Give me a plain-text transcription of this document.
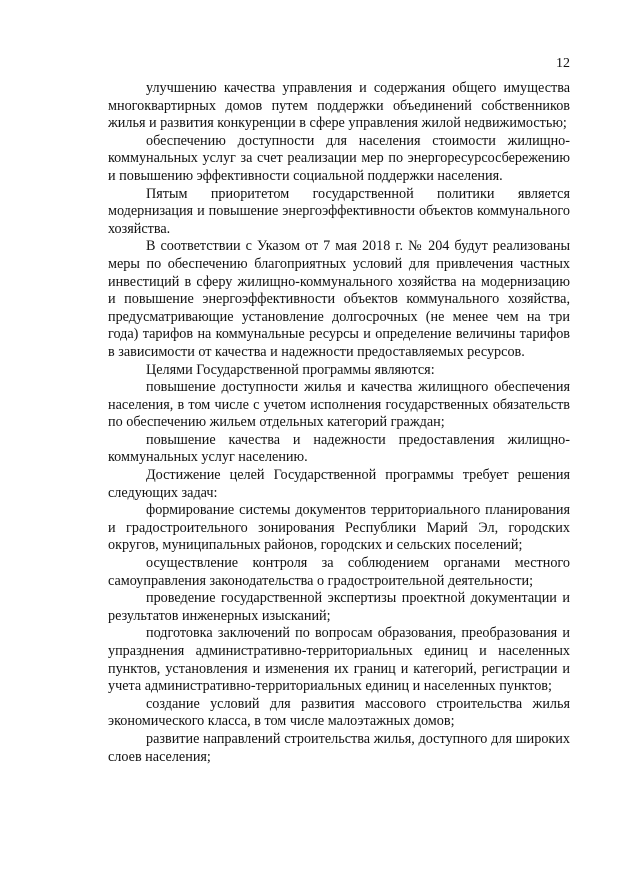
12

улучшению качества управления и содержания общего имущества многоквартирных домов путем поддержки объединений собственников жилья и развития конкуренции в сфере управления жилой недвижимостью;

обеспечению доступности для населения стоимости жилищно-коммунальных услуг за счет реализации мер по энергоресурсосбережению и повышению эффективности социальной поддержки населения.

Пятым приоритетом государственной политики является модернизация и повышение энергоэффективности объектов коммунального хозяйства.

В соответствии с Указом от 7 мая 2018 г. № 204 будут реализованы меры по обеспечению благоприятных условий для привлечения частных инвестиций в сферу жилищно-коммунального хозяйства на модернизацию и повышение энергоэффективности объектов коммунального хозяйства, предусматривающие установление долгосрочных (не менее чем на три года) тарифов на коммунальные ресурсы и определение величины тарифов в зависимости от качества и надежности предоставляемых ресурсов.

Целями Государственной программы являются:

повышение доступности жилья и качества жилищного обеспечения населения, в том числе с учетом исполнения государственных обязательств по обеспечению жильем отдельных категорий граждан;

повышение качества и надежности предоставления жилищно-коммунальных услуг населению.

Достижение целей Государственной программы требует решения следующих задач:

формирование системы документов территориального планирования и градостроительного зонирования Республики Марий Эл, городских округов, муниципальных районов, городских и сельских поселений;

осуществление контроля за соблюдением органами местного самоуправления законодательства о градостроительной деятельности;

проведение государственной экспертизы проектной документации и результатов инженерных изысканий;

подготовка заключений по вопросам образования, преобразования и упразднения административно-территориальных единиц и населенных пунктов, установления и изменения их границ и категорий, регистрации и учета административно-территориальных единиц и населенных пунктов;

создание условий для развития массового строительства жилья экономического класса, в том числе малоэтажных домов;

развитие направлений строительства жилья, доступного для широких слоев населения;
